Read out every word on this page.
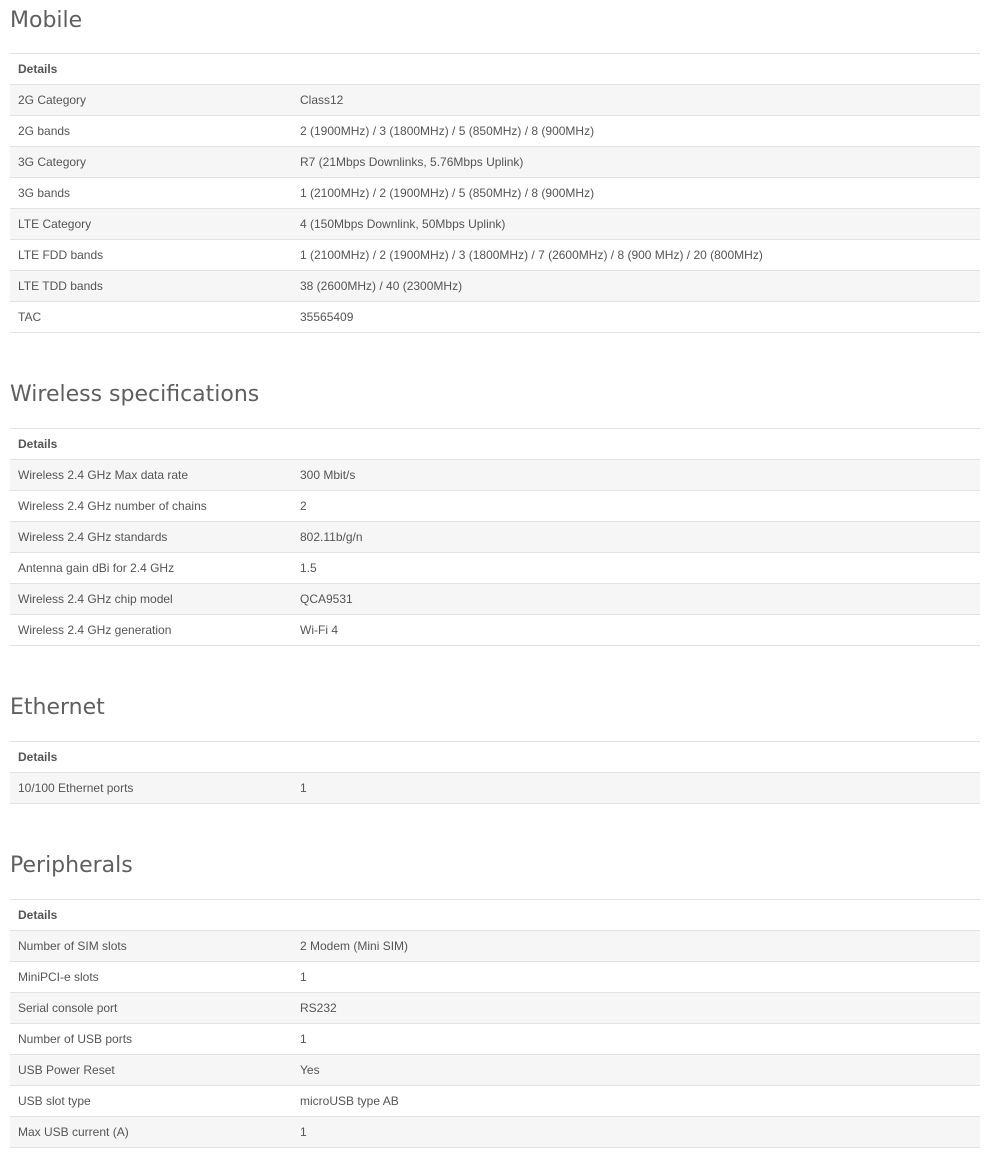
Mobile
Details	
2G Category	Class12
2G bands	2 (1900MHz) / 3 (1800MHz) / 5 (850MHz) / 8 (900MHz)
3G Category	R7 (21Mbps Downlinks, 5.76Mbps Uplink)
3G bands	1 (2100MHz) / 2 (1900MHz) / 5 (850MHz) / 8 (900MHz)
LTE Category	4 (150Mbps Downlink, 50Mbps Uplink)
LTE FDD bands	1 (2100MHz) / 2 (1900MHz) / 3 (1800MHz) / 7 (2600MHz) / 8 (900 MHz) / 20 (800MHz)
LTE TDD bands	38 (2600MHz) / 40 (2300MHz)
TAC	35565409
Wireless specifications
Details	
Wireless 2.4 GHz Max data rate	300 Mbit/s
Wireless 2.4 GHz number of chains	2
Wireless 2.4 GHz standards	802.11b/g/n
Antenna gain dBi for 2.4 GHz	1.5
Wireless 2.4 GHz chip model	QCA9531
Wireless 2.4 GHz generation	Wi-Fi 4
Ethernet
Details
10/100 Ethernet ports	1
Peripherals
Details	
Number of SIM slots	2 Modem (Mini SIM)
MiniPCI-e slots	1
Serial console port	RS232
Number of USB ports	1
USB Power Reset	Yes
USB slot type	microUSB type AB
Max USB current (A)	1
